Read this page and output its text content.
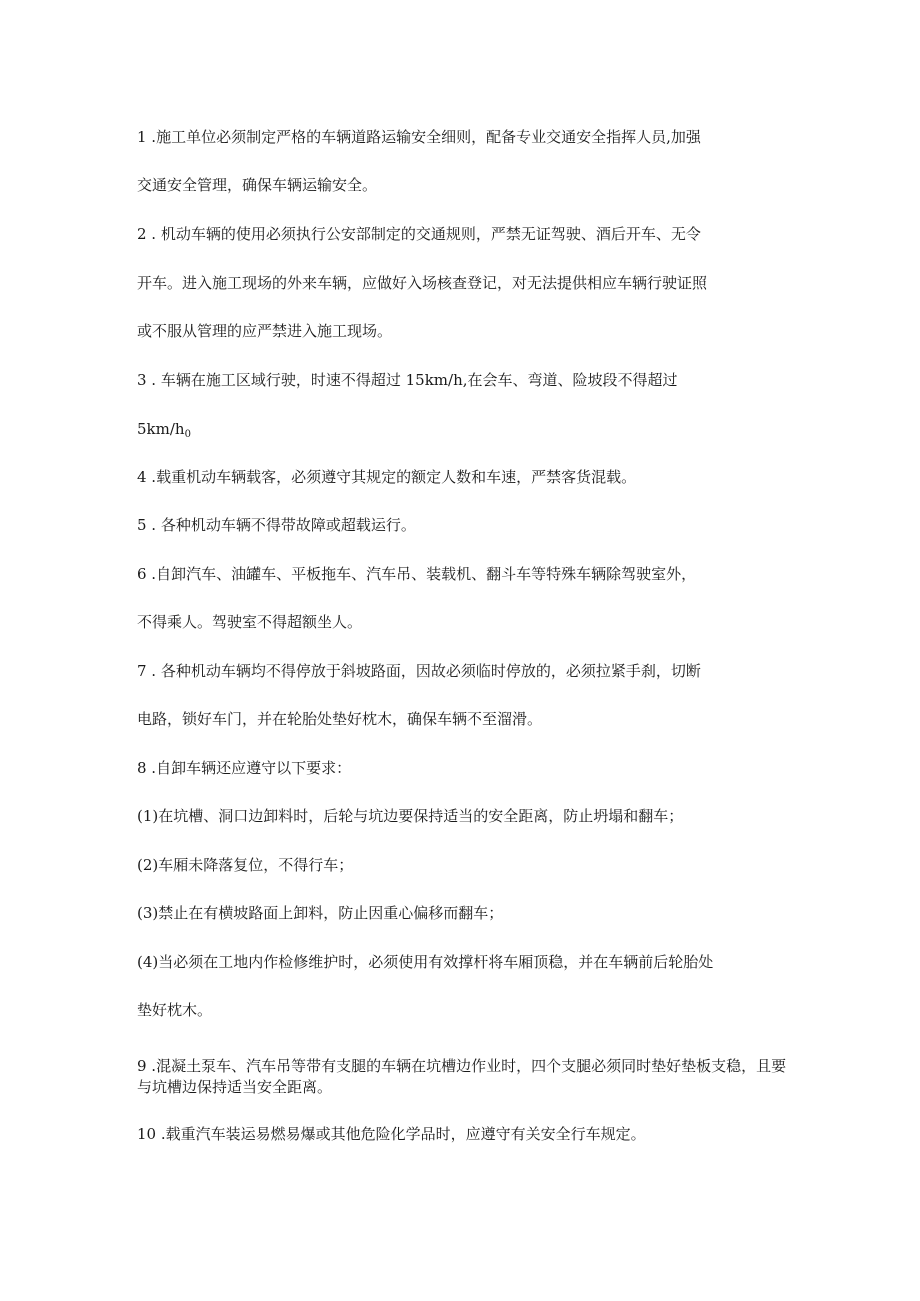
1 .施工单位必须制定严格的车辆道路运输安全细则，配备专业交通安全指挥人员,加强
交通安全管理，确保车辆运输安全。
2 . 机动车辆的使用必须执行公安部制定的交通规则，严禁无证驾驶、酒后开车、无令
开车。进入施工现场的外来车辆，应做好入场核查登记，对无法提供相应车辆行驶证照
或不服从管理的应严禁进入施工现场。
3 . 车辆在施工区域行驶，时速不得超过 15km/h,在会车、弯道、险坡段不得超过
$5km/h_0$
4 .载重机动车辆载客，必须遵守其规定的额定人数和车速，严禁客货混载。
5 . 各种机动车辆不得带故障或超载运行。
6 .自卸汽车、油罐车、平板拖车、汽车吊、装载机、翻斗车等特殊车辆除驾驶室外，
不得乘人。驾驶室不得超额坐人。
7 . 各种机动车辆均不得停放于斜坡路面，因故必须临时停放的，必须拉紧手刹，切断
电路，锁好车门，并在轮胎处垫好枕木，确保车辆不至溜滑。
8 .自卸车辆还应遵守以下要求：
(1)在坑槽、洞口边卸料时，后轮与坑边要保持适当的安全距离，防止坍塌和翻车；
(2)车厢未降落复位，不得行车；
(3)禁止在有横坡路面上卸料，防止因重心偏移而翻车；
(4)当必须在工地内作检修维护时，必须使用有效撑杆将车厢顶稳，并在车辆前后轮胎处
垫好枕木。
9 .混凝土泵车、汽车吊等带有支腿的车辆在坑槽边作业时，四个支腿必须同时垫好垫板支稳，且要与坑槽边保持适当安全距离。
10 .载重汽车装运易燃易爆或其他危险化学品时，应遵守有关安全行车规定。
